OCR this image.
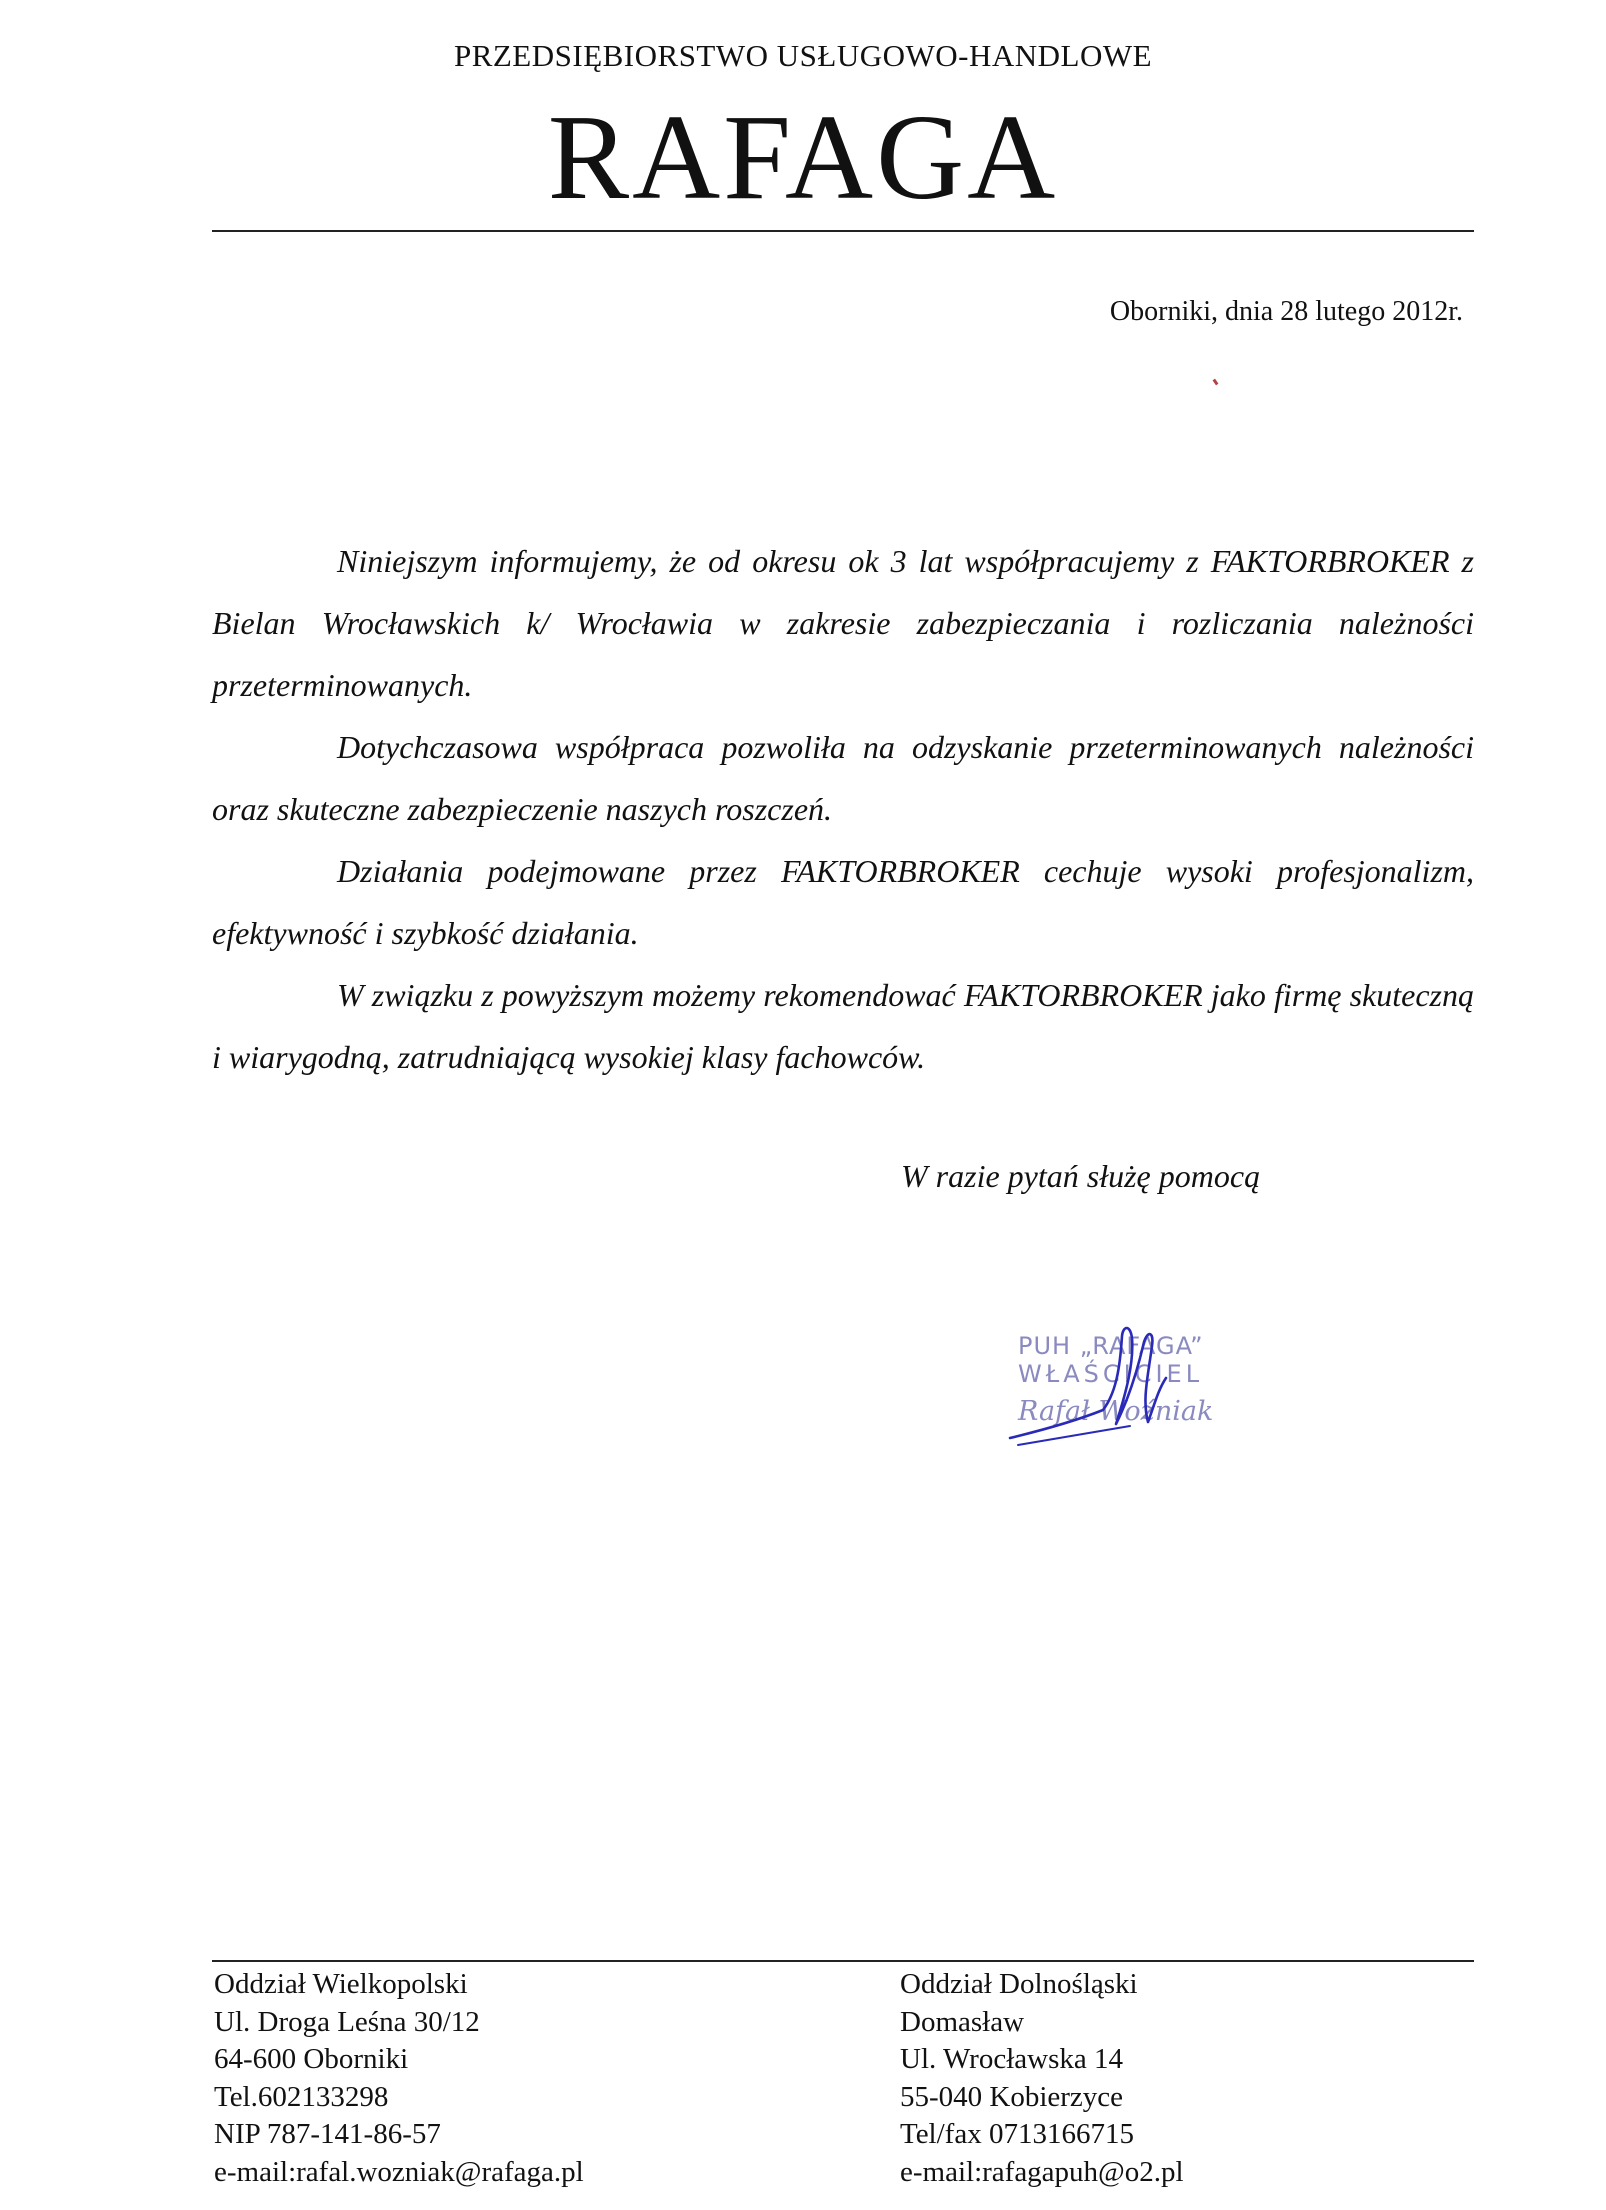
PRZEDSIĘBIORSTWO USŁUGOWO-HANDLOWE
RAFAGA
Oborniki, dnia 28 lutego 2012r.

Niniejszym informujemy, że od okresu ok 3 lat współpracujemy z FAKTORBROKER z Bielan Wrocławskich k/ Wrocławia w zakresie zabezpieczania i rozliczania należności przeterminowanych.

Dotychczasowa współpraca pozwoliła na odzyskanie przeterminowanych należności oraz skuteczne zabezpieczenie naszych roszczeń.

Działania podejmowane przez FAKTORBROKER cechuje wysoki profesjonalizm, efektywność i szybkość działania.

W związku z powyższym możemy rekomendować FAKTORBROKER jako firmę skuteczną i wiarygodną, zatrudniającą wysokiej klasy fachowców.

W razie pytań służę pomocą
PUH „RAFAGA”
WŁAŚCICIEL
Rafał Woźniak
Oddział Wielkopolski
Ul. Droga Leśna 30/12
64-600 Oborniki
Tel.602133298
NIP 787-141-86-57
e-mail:rafal.wozniak@rafaga.pl
Oddział Dolnośląski
Domasław
Ul. Wrocławska 14
55-040 Kobierzyce
Tel/fax 0713166715
e-mail:rafagapuh@o2.pl
